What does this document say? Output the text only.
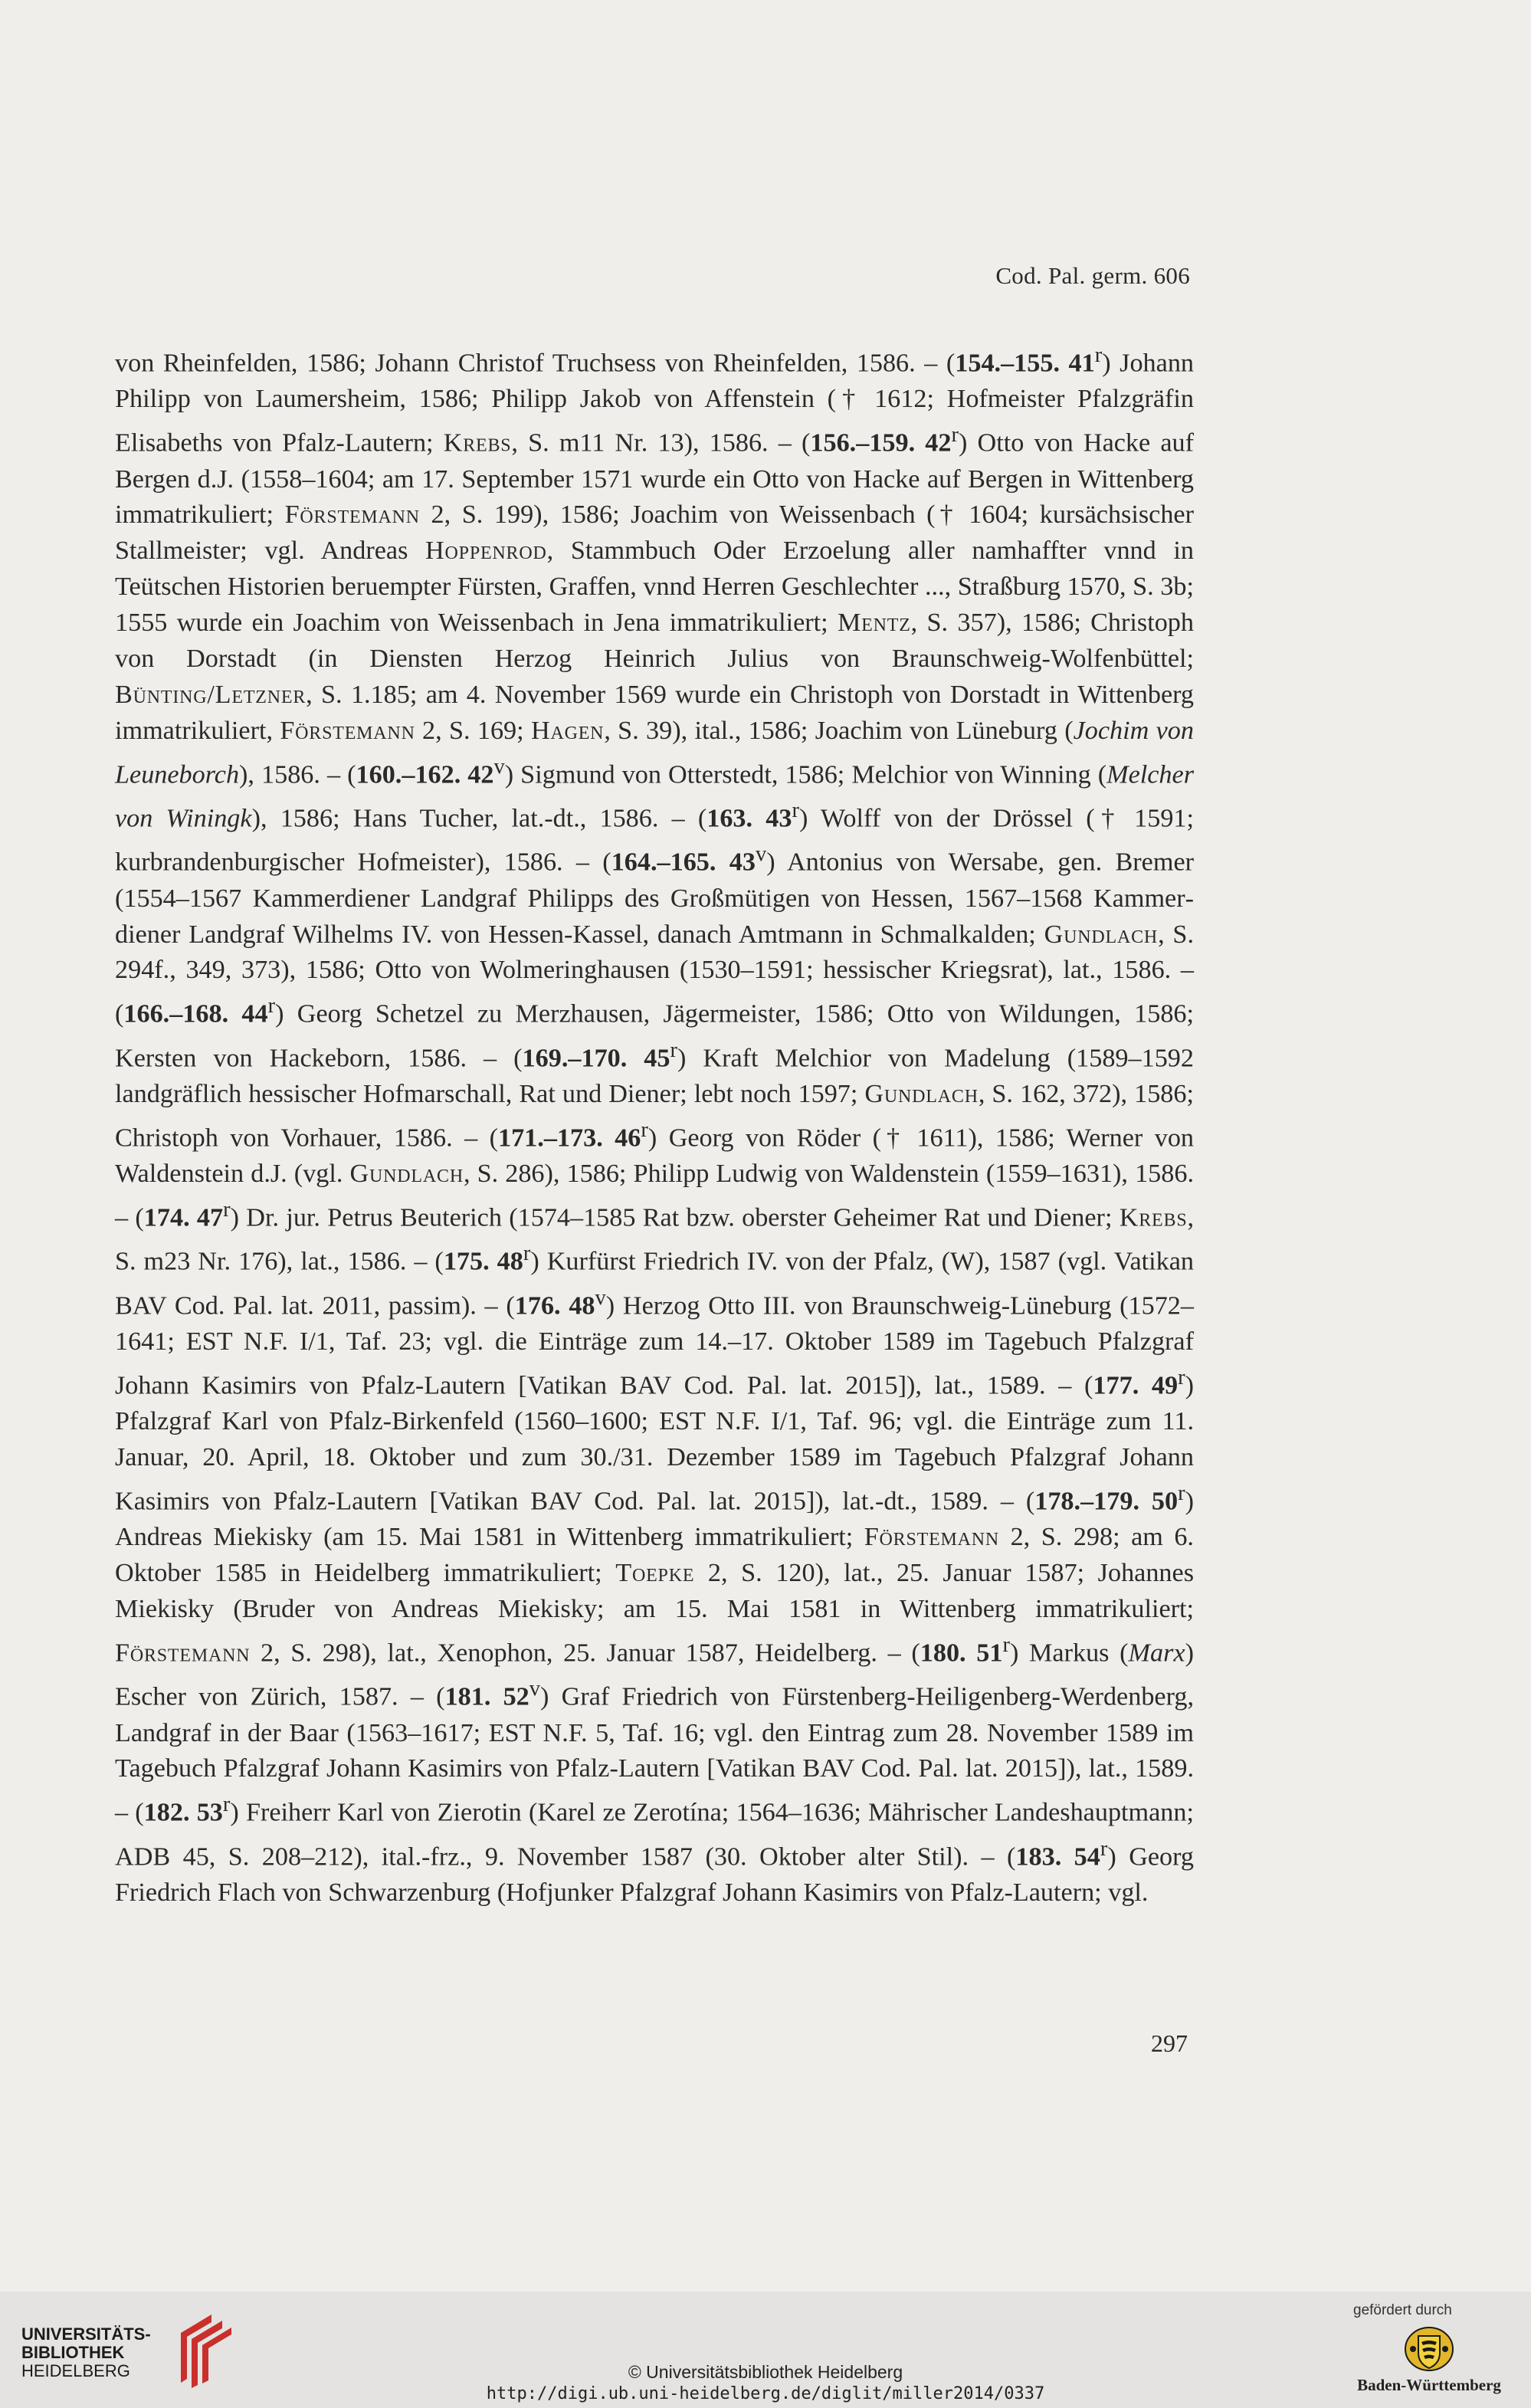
Cod. Pal. germ. 606

von Rheinfelden, 1586; Johann Christof Truchsess von Rheinfelden, 1586. – (154.–155. 41$^r$) Johann Philipp von Laumersheim, 1586; Philipp Jakob von Affenstein († 1612; Hofmeister Pfalzgräfin Elisabeths von Pfalz-Lautern; Krebs, S. m11 Nr. 13), 1586. – (156.–159. 42$^r$) Otto von Hacke auf Bergen d.J. (1558–1604; am 17. September 1571 wurde ein Otto von Hacke auf Bergen in Wittenberg immatrikuliert; Förstemann 2, S. 199), 1586; Joachim von Weissenbach († 1604; kursächsischer Stallmeister; vgl. Andreas Hoppenrod, Stammbuch Oder Erzoelung aller namhaffter vnnd in Teütschen Historien beruempter Fürsten, Graffen, vnnd Herren Geschlechter ..., Straßburg 1570, S. 3b; 1555 wurde ein Joachim von Weissenbach in Jena immatrikuliert; Mentz, S. 357), 1586; Christoph von Dorstadt (in Diensten Herzog Heinrich Julius von Braunschweig-Wolfenbüttel; Bünting/Letzner, S. 1.185; am 4. November 1569 wurde ein Christoph von Dorstadt in Wittenberg immatrikuliert, Förstemann 2, S. 169; Hagen, S. 39), ital., 1586; Joachim von Lüneburg (Jochim von Leuneborch), 1586. – (160.–162. 42$^v$) Sigmund von Otterstedt, 1586; Melchior von Winning (Melcher von Winingk), 1586; Hans Tucher, lat.-dt., 1586. – (163. 43$^r$) Wolff von der Drössel († 1591; kurbrandenburgischer Hofmeister), 1586. – (164.–165. 43$^v$) Antonius von Wersabe, gen. Bremer (1554–1567 Kammerdiener Landgraf Philipps des Großmütigen von Hessen, 1567–1568 Kammerdiener Landgraf Wilhelms IV. von Hessen-Kassel, danach Amtmann in Schmalkalden; Gundlach, S. 294f., 349, 373), 1586; Otto von Wolmeringhausen (1530–1591; hessischer Kriegsrat), lat., 1586. – (166.–168. 44$^r$) Georg Schetzel zu Merzhausen, Jägermeister, 1586; Otto von Wildungen, 1586; Kersten von Hackeborn, 1586. – (169.–170. 45$^r$) Kraft Melchior von Madelung (1589–1592 landgräflich hessischer Hofmarschall, Rat und Diener; lebt noch 1597; Gundlach, S. 162, 372), 1586; Christoph von Vorhauer, 1586. – (171.–173. 46$^r$) Georg von Röder († 1611), 1586; Werner von Waldenstein d.J. (vgl. Gundlach, S. 286), 1586; Philipp Ludwig von Waldenstein (1559–1631), 1586. – (174. 47$^r$) Dr. jur. Petrus Beuterich (1574–1585 Rat bzw. oberster Geheimer Rat und Diener; Krebs, S. m23 Nr. 176), lat., 1586. – (175. 48$^r$) Kurfürst Friedrich IV. von der Pfalz, (W), 1587 (vgl. Vatikan BAV Cod. Pal. lat. 2011, passim). – (176. 48$^v$) Herzog Otto III. von Braunschweig-Lüneburg (1572–1641; EST N.F. I/1, Taf. 23; vgl. die Einträge zum 14.–17. Oktober 1589 im Tagebuch Pfalzgraf Johann Kasimirs von Pfalz-Lautern [Vatikan BAV Cod. Pal. lat. 2015]), lat., 1589. – (177. 49$^r$) Pfalzgraf Karl von Pfalz-Birkenfeld (1560–1600; EST N.F. I/1, Taf. 96; vgl. die Einträge zum 11. Januar, 20. April, 18. Oktober und zum 30./31. Dezember 1589 im Tagebuch Pfalzgraf Johann Kasimirs von Pfalz-Lautern [Vatikan BAV Cod. Pal. lat. 2015]), lat.-dt., 1589. – (178.–179. 50$^r$) Andreas Miekisky (am 15. Mai 1581 in Wittenberg immatrikuliert; Förstemann 2, S. 298; am 6. Oktober 1585 in Heidelberg immatrikuliert; Toepke 2, S. 120), lat., 25. Januar 1587; Johannes Miekisky (Bruder von Andreas Miekisky; am 15. Mai 1581 in Wittenberg immatrikuliert; Förstemann 2, S. 298), lat., Xenophon, 25. Januar 1587, Heidelberg. – (180. 51$^r$) Markus (Marx) Escher von Zürich, 1587. – (181. 52$^v$) Graf Friedrich von Fürstenberg-Heiligenberg-Werdenberg, Landgraf in der Baar (1563–1617; EST N.F. 5, Taf. 16; vgl. den Eintrag zum 28. November 1589 im Tagebuch Pfalzgraf Johann Kasimirs von Pfalz-Lautern [Vatikan BAV Cod. Pal. lat. 2015]), lat., 1589. – (182. 53$^r$) Freiherr Karl von Zierotin (Karel ze Zerotína; 1564–1636; Mährischer Landeshauptmann; ADB 45, S. 208–212), ital.-frz., 9. November 1587 (30. Oktober alter Stil). – (183. 54$^r$) Georg Friedrich Flach von Schwarzenburg (Hofjunker Pfalzgraf Johann Kasimirs von Pfalz-Lautern; vgl.

297
UNIVERSITÄTS-
BIBLIOTHEK
HEIDELBERG	© Universitätsbibliothek Heidelberg
http://digi.ub.uni-heidelberg.de/diglit/miller2014/0337
gefördert durch
Baden-Württemberg
